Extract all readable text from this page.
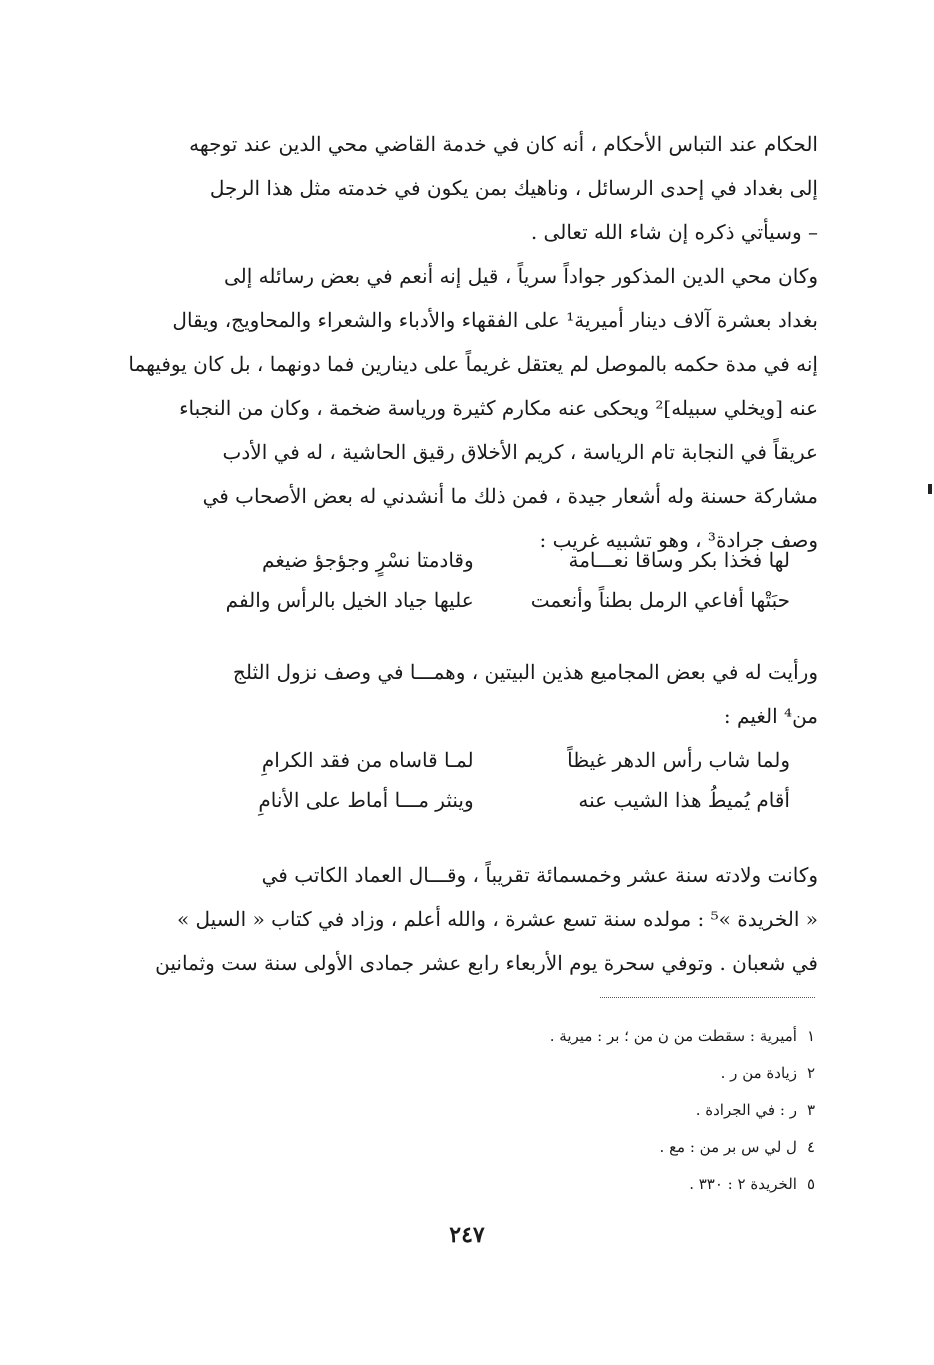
الحكام عند التباس الأحكام ، أنه كان في خدمة القاضي محي الدين عند توجهه
إلى بغداد في إحدى الرسائل ، وناهيك بمن يكون في خدمته مثل هذا الرجل
– وسيأتي ذكره إن شاء الله تعالى .

وكان محي الدين المذكور جواداً سرياً ، قيل إنه أنعم في بعض رسائله إلى
بغداد بعشرة آلاف دينار أميرية¹ على الفقهاء والأدباء والشعراء والمحاويج، ويقال
إنه في مدة حكمه بالموصل لم يعتقل غريماً على دينارين فما دونهما ، بل كان يوفيهما
عنه [ويخلي سبيله]² ويحكى عنه مكارم كثيرة ورياسة ضخمة ، وكان من النجباء
عريقاً في النجابة تام الرياسة ، كريم الأخلاق رقيق الحاشية ، له في الأدب
مشاركة حسنة وله أشعار جيدة ، فمن ذلك ما أنشدني له بعض الأصحاب في
وصف جرادة³ ، وهو تشبيه غريب :

لها فخذا بكر وساقا نعـــامة وقادمتا نسْرٍ وجؤجؤ ضيغم
حبَتْها أفاعي الرمل بطناً وأنعمت عليها جياد الخيل بالرأس والفم

ورأيت له في بعض المجاميع هذين البيتين ، وهمـــا في وصف نزول الثلج
من⁴ الغيم :

ولما شاب رأس الدهر غيظاً لمـا قاساه من فقد الكرامِ
أقام يُميطُ هذا الشيب عنه وينثر مـــا أماط على الأنامِ

وكانت ولادته سنة عشر وخمسمائة تقريباً ، وقـــال العماد الكاتب في
« الخريدة »⁵ : مولده سنة تسع عشرة ، والله أعلم ، وزاد في كتاب « السيل »
في شعبان . وتوفي سحرة يوم الأربعاء رابع عشر جمادى الأولى سنة ست وثمانين

١أميرية : سقطت من ن من ؛ بر : ميرية .
٢زيادة من ر .
٣ر : في الجرادة .
٤ل لي س بر من : مع .
٥الخريدة ٢ : ٣٣٠ .
٢٤٧
